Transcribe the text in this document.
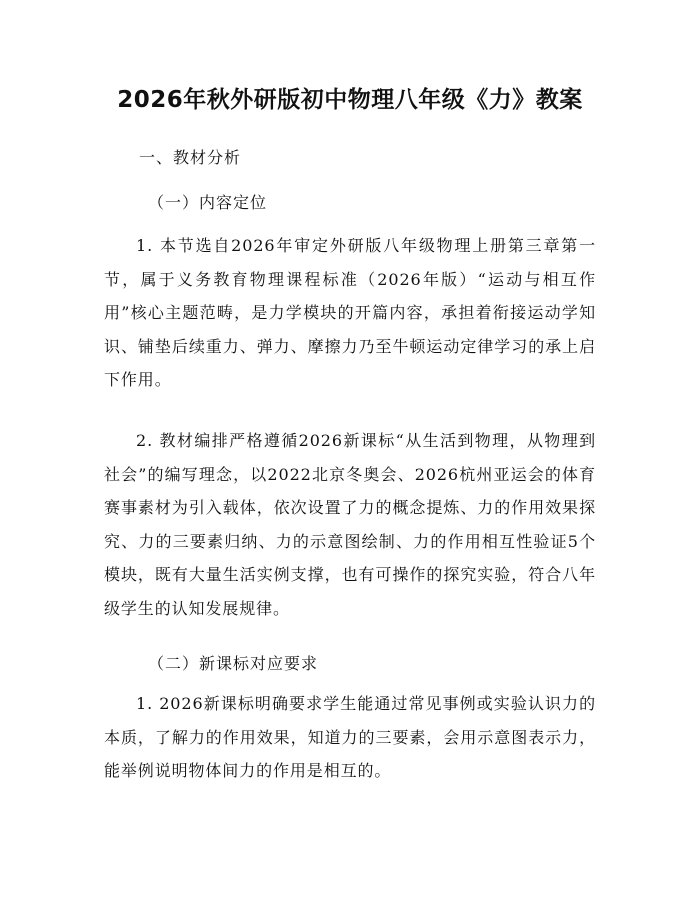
2026年秋外研版初中物理八年级《力》教案
一、教材分析
（一）内容定位

1. 本节选自2026年审定外研版八年级物理上册第三章第一节，属于义务教育物理课程标准（2026年版）“运动与相互作用”核心主题范畴，是力学模块的开篇内容，承担着衔接运动学知识、铺垫后续重力、弹力、摩擦力乃至牛顿运动定律学习的承上启下作用。

2. 教材编排严格遵循2026新课标“从生活到物理，从物理到社会”的编写理念，以2022北京冬奥会、2026杭州亚运会的体育赛事素材为引入载体，依次设置了力的概念提炼、力的作用效果探究、力的三要素归纳、力的示意图绘制、力的作用相互性验证5个模块，既有大量生活实例支撑，也有可操作的探究实验，符合八年级学生的认知发展规律。

（二）新课标对应要求

1. 2026新课标明确要求学生能通过常见事例或实验认识力的本质，了解力的作用效果，知道力的三要素，会用示意图表示力，能举例说明物体间力的作用是相互的。
